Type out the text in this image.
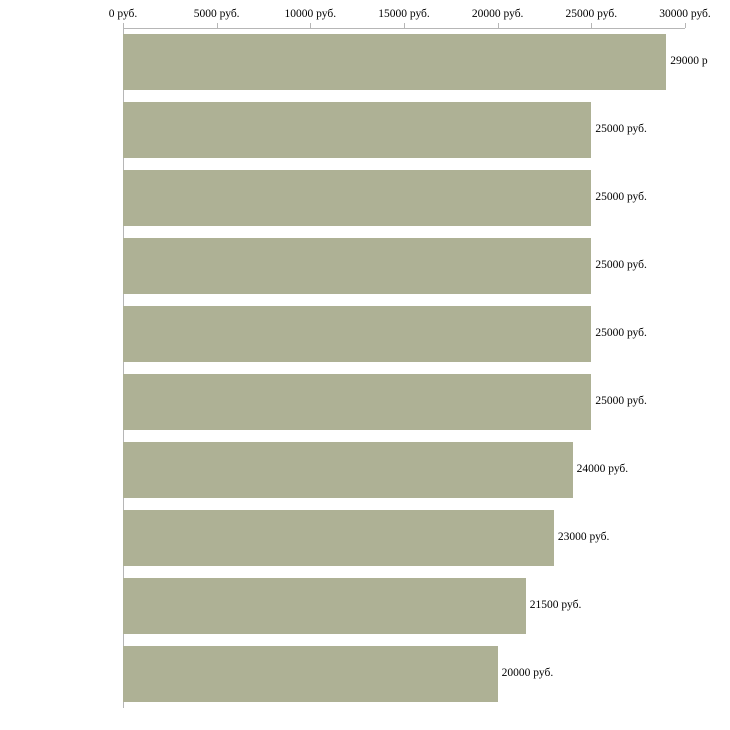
0 руб.	5000 руб.	10000 руб.	15000 руб.	20000 руб.	25000 руб.	30000 руб.
29000 р
25000 руб.
25000 руб.
25000 руб.
25000 руб.
25000 руб.
24000 руб.
23000 руб.
21500 руб.
20000 руб.
